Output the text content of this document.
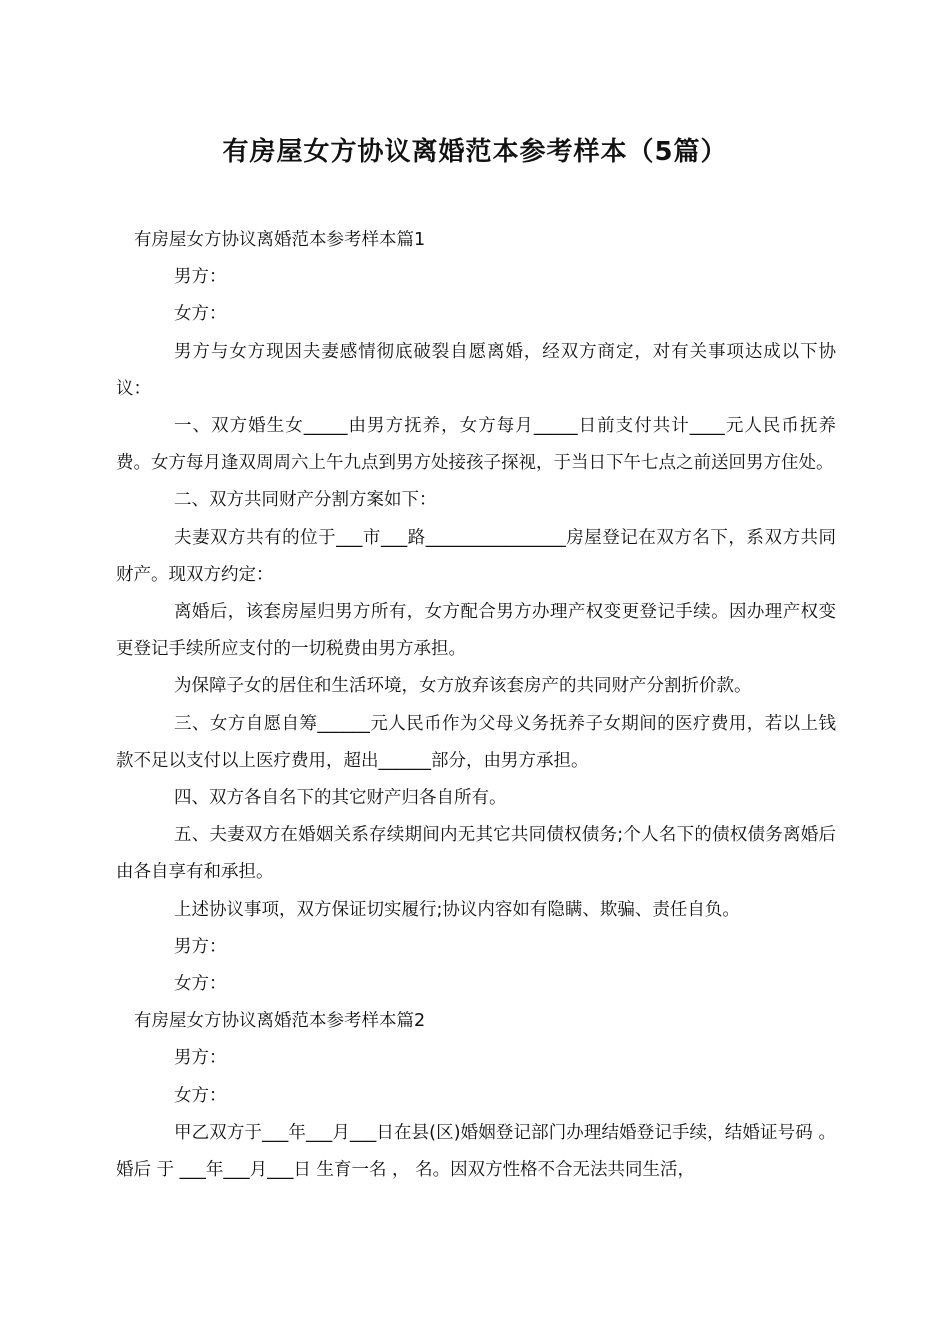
有房屋女方协议离婚范本参考样本（5篇）

有房屋女方协议离婚范本参考样本篇1

男方：

女方：

男方与女方现因夫妻感情彻底破裂自愿离婚，经双方商定，对有关事项达成以下协议：

一、双方婚生女_____由男方抚养，女方每月_____日前支付共计____元人民币抚养费。女方每月逢双周周六上午九点到男方处接孩子探视，于当日下午七点之前送回男方住处。

二、双方共同财产分割方案如下：

夫妻双方共有的位于___市___路________________房屋登记在双方名下，系双方共同财产。现双方约定：

离婚后，该套房屋归男方所有，女方配合男方办理产权变更登记手续。因办理产权变更登记手续所应支付的一切税费由男方承担。

为保障子女的居住和生活环境，女方放弃该套房产的共同财产分割折价款。

三、女方自愿自筹______元人民币作为父母义务抚养子女期间的医疗费用，若以上钱款不足以支付以上医疗费用，超出______部分，由男方承担。

四、双方各自名下的其它财产归各自所有。

五、夫妻双方在婚姻关系存续期间内无其它共同债权债务;个人名下的债权债务离婚后由各自享有和承担。

上述协议事项，双方保证切实履行;协议内容如有隐瞒、欺骗、责任自负。

男方：

女方：

有房屋女方协议离婚范本参考样本篇2

男方：

女方：

甲乙双方于___年___月___日在县(区)婚姻登记部门办理结婚登记手续，结婚证号码 。 婚后 于 ___年___月___日 生育一名 ， 名。因双方性格不合无法共同生活，
